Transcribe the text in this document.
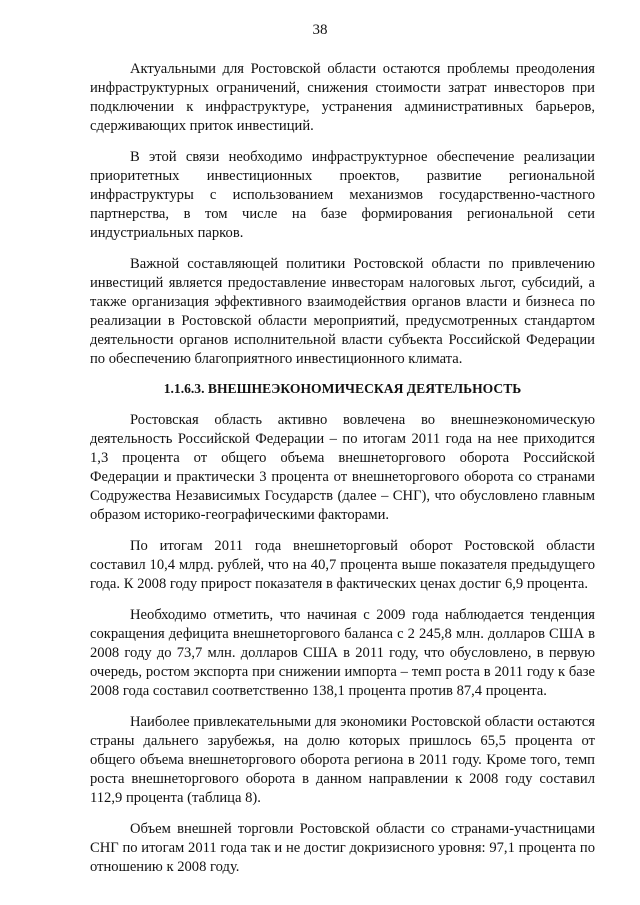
38

Актуальными для Ростовской области остаются проблемы преодоления инфраструктурных ограничений, снижения стоимости затрат инвесторов при подключении к инфраструктуре, устранения административных барьеров, сдерживающих приток инвестиций.

В этой связи необходимо инфраструктурное обеспечение реализации приоритетных инвестиционных проектов, развитие региональной инфраструктуры с использованием механизмов государственно-частного партнерства, в том числе на базе формирования региональной сети индустриальных парков.

Важной составляющей политики Ростовской области по привлечению инвестиций является предоставление инвесторам налоговых льгот, субсидий, а также организация эффективного взаимодействия органов власти и бизнеса по реализации в Ростовской области мероприятий, предусмотренных стандартом деятельности органов исполнительной власти субъекта Российской Федерации по обеспечению благоприятного инвестиционного климата.

1.1.6.3. ВНЕШНЕЭКОНОМИЧЕСКАЯ ДЕЯТЕЛЬНОСТЬ

Ростовская область активно вовлечена во внешнеэкономическую деятельность Российской Федерации – по итогам 2011 года на нее приходится 1,3 процента от общего объема внешнеторгового оборота Российской Федерации и практически 3 процента от внешнеторгового оборота со странами Содружества Независимых Государств (далее – СНГ), что обусловлено главным образом историко-географическими факторами.

По итогам 2011 года внешнеторговый оборот Ростовской области составил 10,4 млрд. рублей, что на 40,7 процента выше показателя предыдущего года. К 2008 году прирост показателя в фактических ценах достиг 6,9 процента.

Необходимо отметить, что начиная с 2009 года наблюдается тенденция сокращения дефицита внешнеторгового баланса с 2 245,8 млн. долларов США в 2008 году до 73,7 млн. долларов США в 2011 году, что обусловлено, в первую очередь, ростом экспорта при снижении импорта – темп роста в 2011 году к базе 2008 года составил соответственно 138,1 процента против 87,4 процента.

Наиболее привлекательными для экономики Ростовской области остаются страны дальнего зарубежья, на долю которых пришлось 65,5 процента от общего объема внешнеторгового оборота региона в 2011 году. Кроме того, темп роста внешнеторгового оборота в данном направлении к 2008 году составил 112,9 процента (таблица 8).

Объем внешней торговли Ростовской области со странами-участницами СНГ по итогам 2011 года так и не достиг докризисного уровня: 97,1 процента по отношению к 2008 году.
